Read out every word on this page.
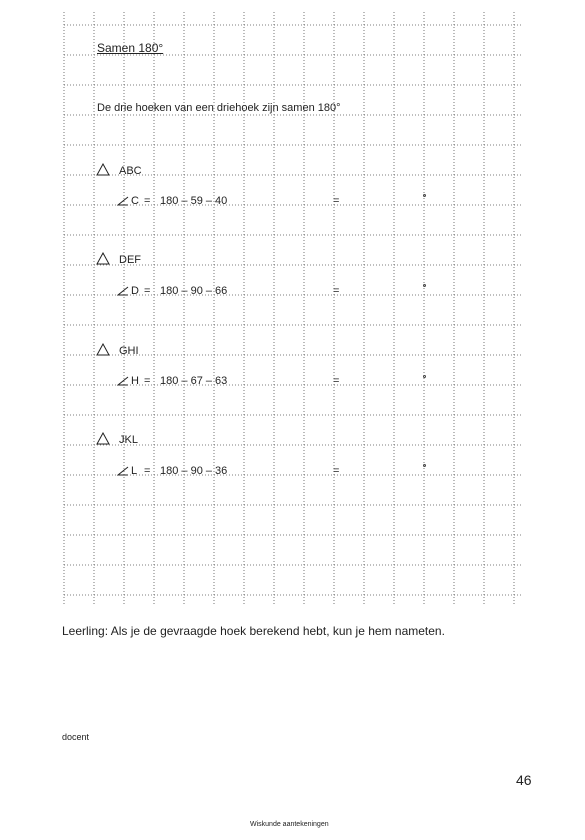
Samen 180°
De drie hoeken van een driehoek zijn samen 180°
ABC
C = 180 – 59 – 40	=
DEF
D = 180 – 90 – 66	=
GHI
H = 180 – 67 – 63	=
JKL
L = 180 – 90 – 36	=
Leerling: Als je de gevraagde hoek berekend hebt, kun je hem nameten.
docent
46
Wiskunde aantekeningen
